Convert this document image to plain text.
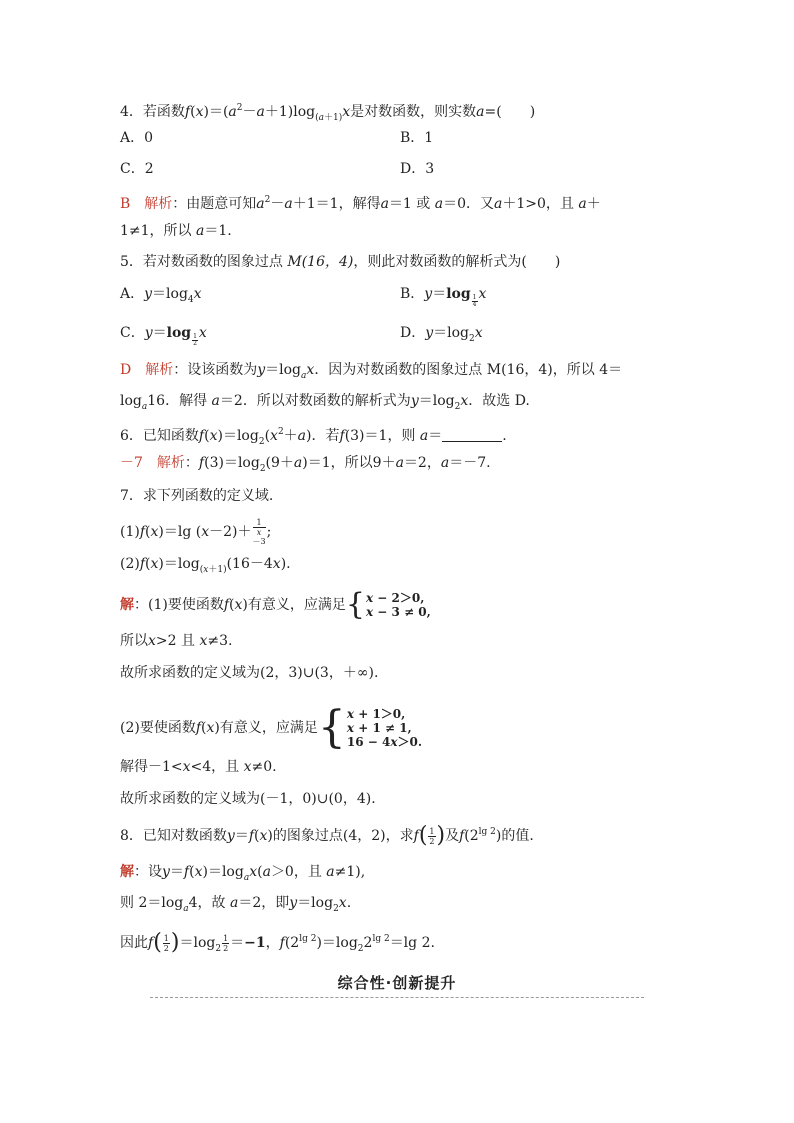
4．若函数$f(x)=(a^2-a+1)\log_{(a+1)}x$是对数函数，则实数a=(　　)
A．0	B．1
C．2	D．3
B　 解析：由题意可知$a^2-a+1=1$，解得a＝1 或 a＝0．又a＋1>0，且 a＋
1≠1，所以 a＝1.
5．若对数函数的图象过点 M(16，4)，则此对数函数的解析式为(　　)
A．$y=\log_4x$	B．y＝log $_{\frac{1}{4}}$ x
C．y＝log $_{\frac{1}{2}}$ x	D．$y=\log_2x$
D　 解析：设该函数为$y=\log_ax$．因为对数函数的图象过点 M(16，4)，所以 4＝
$\log_a16$．解得 a＝2．所以对数函数的解析式为$y=\log_2x$．故选 D.
6．已知函数$f(x)=\log_2(x^2+a)$．若f(3)＝1，则 a＝	.
－7　 解析：$f(3)=\log_2(9+a)=1$，所以9＋a＝2，a＝－7.
7．求下列函数的定义域.
(1)f(x)＝lg (x－2)＋ 1
x
－3 ;
$(2)f(x)=\log_{(x+1)}(16-4x)$.
解：(1)要使函数f(x)有意义，应满足{ x − 2＞0,
x − 3 ≠ 0,
所以x>2 且 x≠3.
故所求函数的定义域为(2，3)∪(3，＋∞).
(2)要使函数f(x)有意义，应满足{ x + 1＞0,
x + 1 ≠ 1,
16 − 4x＞0.
解得－1<x<4，且 x≠0.
故所求函数的定义域为(－1，0)∪(0，4).
8．已知对数函数y＝f(x)的图象过点(4，2)，求$f( \frac{1}{2}$ )及$f(2^{lg 2})$的值.
解：设$y=f(x)=\log_ax(a>0$，且 a≠1),
则 $2=\log_a4$，故 a＝2，即$y=\log_2x$.
因此$f( \frac{1}{2} )=\log_2 \frac{1}{2} =-1$，$f(2^{lg 2})=\log_22^{lg 2}=\lg$ 2.
综合性·创新提升
